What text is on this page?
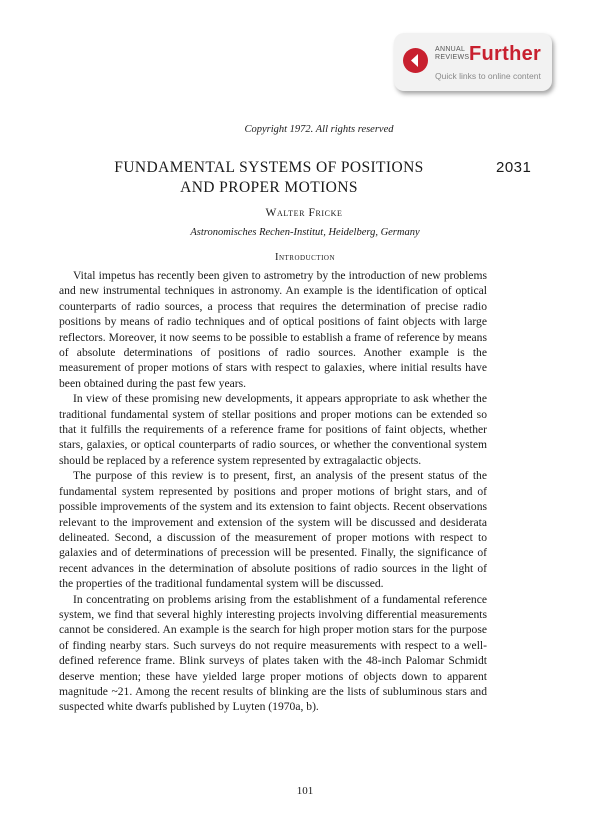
ANNUAL
REVIEWS Further
Quick links to online content
Copyright 1972. All rights reserved
FUNDAMENTAL SYSTEMS OF POSITIONS
AND PROPER MOTIONS
2031
Walter Fricke
Astronomisches Rechen-Institut, Heidelberg, Germany
Introduction

Vital impetus has recently been given to astrometry by the introduction of new problems and new instrumental techniques in astronomy. An example is the identification of optical counterparts of radio sources, a process that requires the determination of precise radio positions by means of radio techniques and of optical positions of faint objects with large reflectors. Moreover, it now seems to be possible to establish a frame of reference by means of absolute determinations of positions of radio sources. Another example is the measurement of proper motions of stars with respect to galaxies, where initial results have been obtained during the past few years.

In view of these promising new developments, it appears appropriate to ask whether the traditional fundamental system of stellar positions and proper motions can be extended so that it fulfills the requirements of a reference frame for positions of faint objects, whether stars, galaxies, or optical counterparts of radio sources, or whether the conventional system should be replaced by a reference system represented by extragalactic objects.

The purpose of this review is to present, first, an analysis of the present status of the fundamental system represented by positions and proper motions of bright stars, and of possible improvements of the system and its extension to faint objects. Recent observations relevant to the improvement and extension of the system will be discussed and desiderata delineated. Second, a discussion of the measurement of proper motions with respect to galaxies and of determinations of precession will be presented. Finally, the significance of recent advances in the determination of absolute positions of radio sources in the light of the properties of the traditional fundamental system will be discussed.

In concentrating on problems arising from the establishment of a fundamental reference system, we find that several highly interesting projects involving differential measurements cannot be considered. An example is the search for high proper motion stars for the purpose of finding nearby stars. Such surveys do not require measurements with respect to a well-defined reference frame. Blink surveys of plates taken with the 48-inch Palomar Schmidt deserve mention; these have yielded large proper motions of objects down to apparent magnitude ~21. Among the recent results of blinking are the lists of subluminous stars and suspected white dwarfs published by Luyten (1970a, b).

101
